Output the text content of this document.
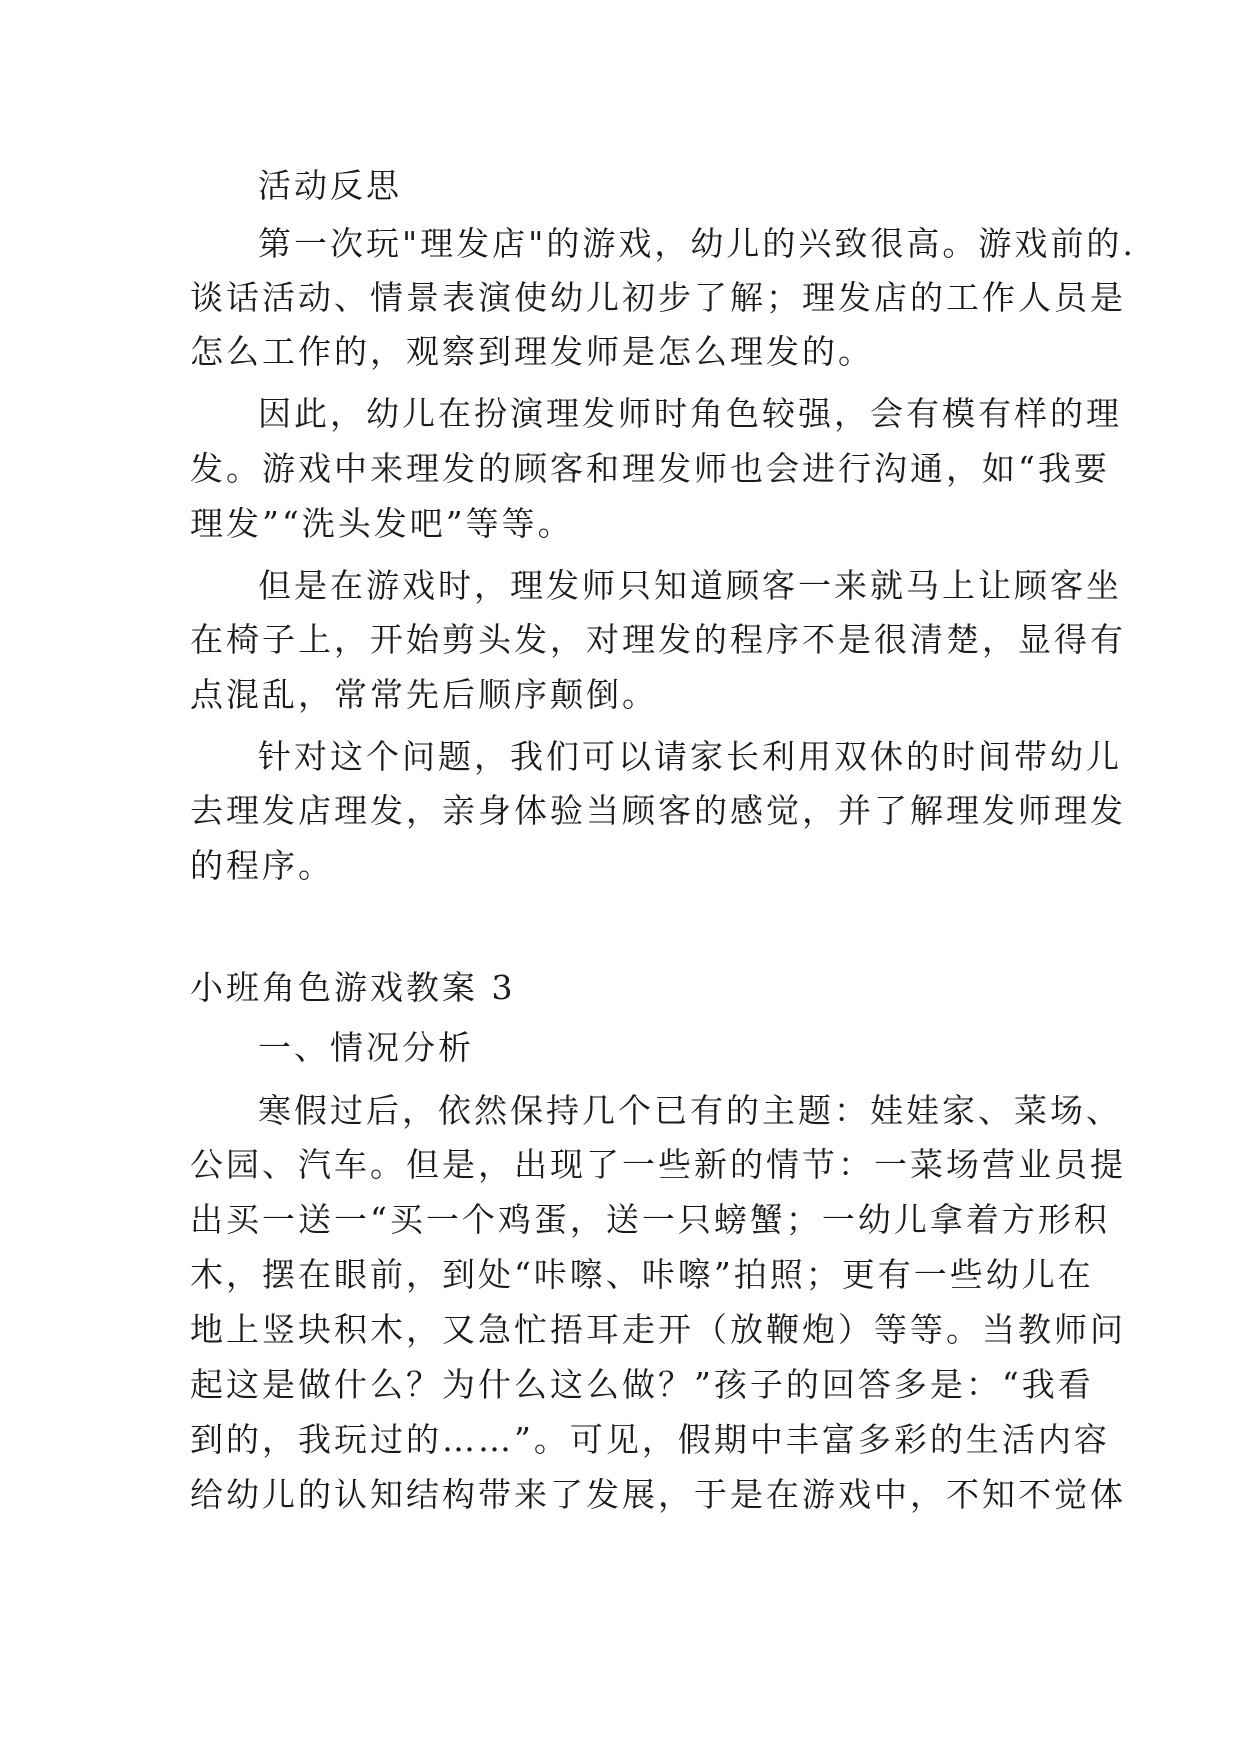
活动反思
第一次玩"理发店"的游戏，幼儿的兴致很高。游戏前的.
谈话活动、情景表演使幼儿初步了解；理发店的工作人员是
怎么工作的，观察到理发师是怎么理发的。
因此，幼儿在扮演理发师时角色较强，会有模有样的理
发。游戏中来理发的顾客和理发师也会进行沟通，如“我要
理发”“洗头发吧”等等。
但是在游戏时，理发师只知道顾客一来就马上让顾客坐
在椅子上，开始剪头发，对理发的程序不是很清楚，显得有
点混乱，常常先后顺序颠倒。
针对这个问题，我们可以请家长利用双休的时间带幼儿
去理发店理发，亲身体验当顾客的感觉，并了解理发师理发
的程序。
小班角色游戏教案 3
一、情况分析
寒假过后，依然保持几个已有的主题：娃娃家、菜场、
公园、汽车。但是，出现了一些新的情节：一菜场营业员提
出买一送一“买一个鸡蛋，送一只螃蟹；一幼儿拿着方形积
木，摆在眼前，到处“咔嚓、咔嚓”拍照；更有一些幼儿在
地上竖块积木，又急忙捂耳走开（放鞭炮）等等。当教师问
起这是做什么？为什么这么做？”孩子的回答多是：“我看
到的，我玩过的……”。可见，假期中丰富多彩的生活内容
给幼儿的认知结构带来了发展，于是在游戏中，不知不觉体
